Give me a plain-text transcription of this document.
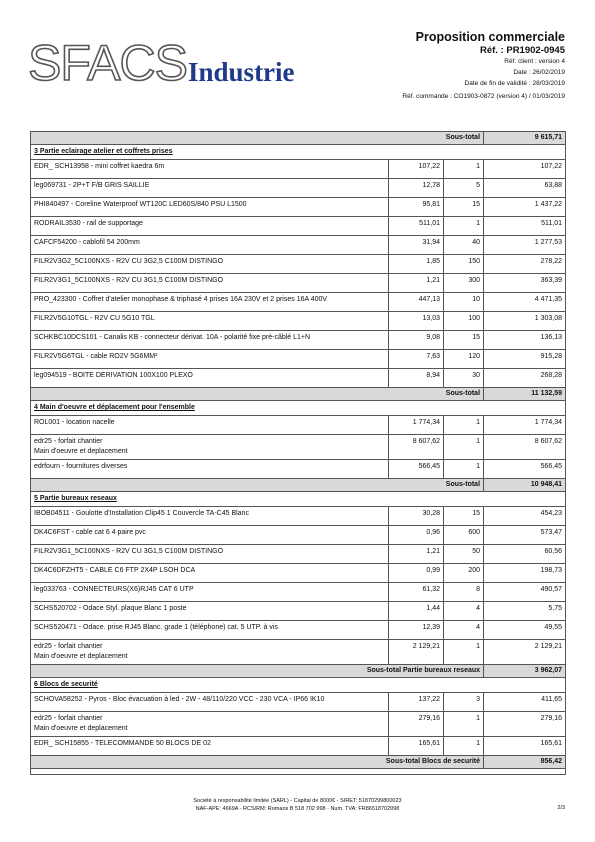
SFACS Industrie
Proposition commerciale
Réf. : PR1902-0945
Réf. client : version 4
Date : 26/02/2019
Date de fin de validité : 28/03/2019
Réf. commande : CO1903-0872 (version 4) / 01/03/2019
Sous-total			9 615,71
3 Partie eclairage atelier et coffrets prises			

EDR_ SCH13958 - mini coffret kaedra 6m	107,22	1	107,22

leg069731 - 2P+T F/B GRIS SAILLIE	12,78	5	63,88

PHI840497 - Coreline Waterproof WT120C LED60S/840 PSU L1500	95,81	15	1 437,22

RODRAIL3530 - rail de supportage	511,01	1	511,01

CAFCF54200 - cablofil 54 200mm	31,94	40	1 277,53

FILR2V3G2_5C100NXS - R2V CU 3G2,5 C100M DISTINGO	1,85	150	278,22

FILR2V3G1_5C100NXS - R2V CU 3G1,5 C100M DISTINGO	1,21	300	363,39

PRO_423300 - Coffret d'atelier monophase & triphasé 4 prises 16A 230V et 2 prises 16A 400V	447,13	10	4 471,35

FILR2V5G10TGL - R2V CU 5G10 TGL	13,03	100	1 303,08

SCHKBC10DCS101 - Canalis KB - connecteur dérivat. 10A - polarité fixe pré-câblé L1+N	9,08	15	136,13

FILR2V5G6TGL - cable RO2V 5G6MM²	7,63	120	915,28

leg094519 - BOITE DERIVATION 100X100 PLEXO	8,94	30	268,28
Sous-total			11 132,59
4 Main d'oeuvre et déplacement pour l'ensemble			

ROL001 - location nacelle	1 774,34	1	1 774,34

edr25 - forfait chantier
Main d'oeuvre et deplacement	8 607,62	1	8 607,62

edrfourn - fournitures diverses	566,45	1	566,45
Sous-total			10 948,41
5 Partie bureaux reseaux			

IBOB04511 - Goulotte d'Installation Clip45 1 Couvercle TA-C45 Blanc	30,28	15	454,23

DK4C6FST - cable cat 6 4 paire pvc	0,96	600	573,47

FILR2V3G1_5C100NXS - R2V CU 3G1,5 C100M DISTINGO	1,21	50	60,56

DK4C6DFZHT5 - CABLE C6 FTP 2X4P LSOH DCA	0,99	200	198,73

leg033763 - CONNECTEURS(X6)RJ45 CAT 6 UTP	61,32	8	490,57

SCHS520702 - Odace Styl. plaque Blanc 1 poste	1,44	4	5,75

SCHS520471 - Odace. prise RJ45 Blanc. grade 1 (téléphone) cat. 5 UTP. à vis	12,39	4	49,55

edr25 - forfait chantier
Main d'oeuvre et deplacement	2 129,21	1	2 129,21
Sous-total Partie bureaux reseaux			3 962,07
6 Blocs de securité			

SCHOVA58252 - Pyros - Bloc évacuation à led - 2W - 48/110/220 VCC - 230 VCA - IP66 IK10	137,22	3	411,65

edr25 - forfait chantier
Main d'oeuvre et deplacement	279,16	1	279,16

EDR_ SCH15855 - TELECOMMANDE 50 BLOCS DE 02	165,61	1	165,61
Sous-total Blocs de securité			856,42

Société à responsabilité limitée (SARL) - Capital de 8000€ - SIRET: 51870299800023
NAF-APE: 4669A - RCS/RM: Romans B 518 702 998 - Num. TVA: FR86518702998	2/3
